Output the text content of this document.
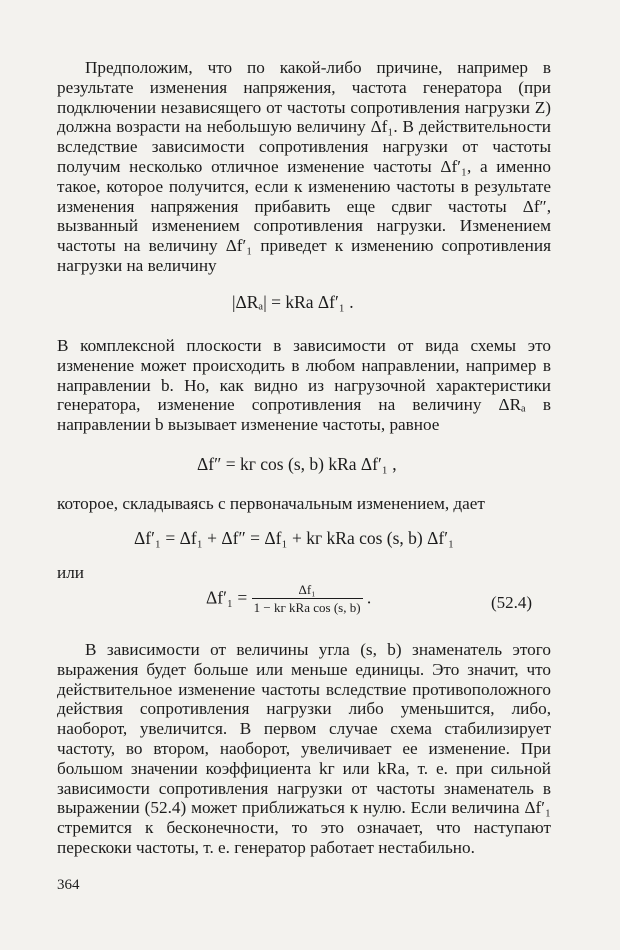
Предположим, что по какой-либо причине, например в результате изменения напряжения, частота генератора (при подключении независящего от частоты сопротивления нагрузки Z) должна возрасти на небольшую величину Δf₁. В действительности вследствие зависимости сопротивления нагрузки от частоты получим несколько отличное изменение частоты Δf′₁, а именно такое, которое получится, если к изменению частоты в результате изменения напряжения прибавить еще сдвиг частоты Δf″, вызванный изменением сопротивления нагрузки. Изменением частоты на величину Δf′₁ приведет к изменению сопротивления нагрузки на величину

|ΔRₐ| = kRa Δf′₁ .

В комплексной плоскости в зависимости от вида схемы это изменение может происходить в любом направлении, например в направлении b. Но, как видно из нагрузочной характеристики генератора, изменение сопротивления на величину ΔRₐ в направлении b вызывает изменение частоты, равное

Δf″ = kг cos (s, b) kRa Δf′₁ ,

которое, складываясь с первоначальным изменением, дает

Δf′₁ = Δf₁ + Δf″ = Δf₁ + kг kRa cos (s, b) Δf′₁

или

$\Delta f'_1 = \frac{\text{Δf₁}}{\text{1 − kг kRa cos (s, b)}}$ .	(52.4)

В зависимости от величины угла (s, b) знаменатель этого выражения будет больше или меньше единицы. Это значит, что действительное изменение частоты вследствие противоположного действия сопротивления нагрузки либо уменьшится, либо, наоборот, увеличится. В первом случае схема стабилизирует частоту, во втором, наоборот, увеличивает ее изменение. При большом значении коэффициента kг или kRa, т. е. при сильной зависимости сопротивления нагрузки от частоты знаменатель в выражении (52.4) может приближаться к нулю. Если величина Δf′₁ стремится к бесконечности, то это означает, что наступают перескоки частоты, т. е. генератор работает нестабильно.

364
